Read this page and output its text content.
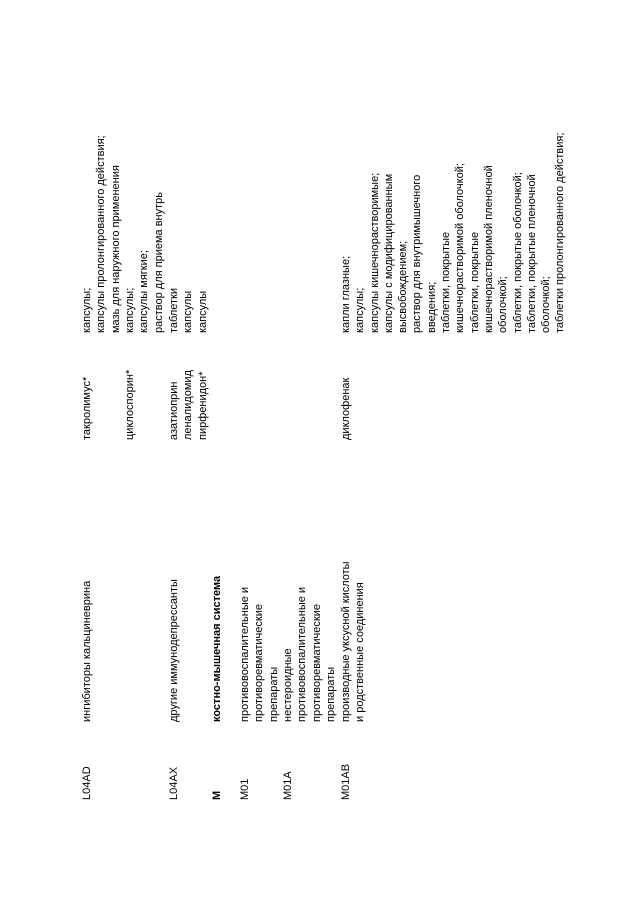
L04AD
ингибиторы кальциневрина
такролимус*
капсулы; капсулы пролонгированного действия; мазь для наружного применения
циклоспорин*
капсулы; капсулы мягкие; раствор для приема внутрь
L04AX
другие иммунодепрессанты
азатиоприн леналидомид пирфенидон*
таблетки капсулы капсулы
M
костно-мышечная система
M01
противовоспалительные и противоревматические препараты
M01A
нестероидные противовоспалительные и противоревматические препараты
M01AB
производные уксусной кислоты и родственные соединения
диклофенак
капли глазные; капсулы; капсулы кишечнорастворимые; капсулы с модифицированным высвобождением; раствор для внутримышечного введения; таблетки, покрытые кишечнорастворимой оболочкой; таблетки, покрытые кишечнорастворимой пленочной оболочкой; таблетки, покрытые оболочкой; таблетки, покрытые пленочной оболочкой; таблетки пролонгированного действия;
